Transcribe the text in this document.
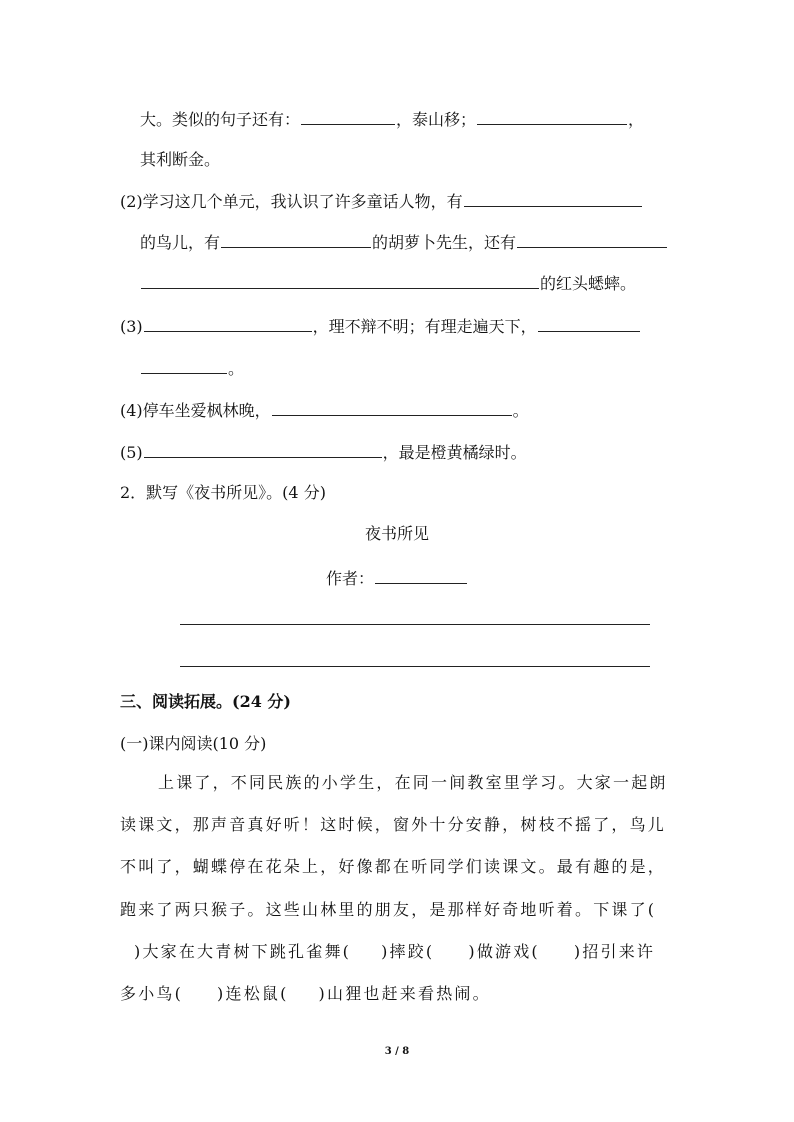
大。类似的句子还有：	，泰山移；	，
其利断金。
(2)学习这几个单元，我认识了许多童话人物，有
的鸟儿，有	的胡萝卜先生，还有
的红头蟋蟀。
(3)	，理不辩不明；有理走遍天下，
。
(4)停车坐爱枫林晚，	。
(5)	，最是橙黄橘绿时。
2．默写《夜书所见》。(4 分)
夜书所见
作者：
三、阅读拓展。(24 分)
(一)课内阅读(10 分)
上课了，不同民族的小学生，在同一间教室里学习。大家一起朗
读课文，那声音真好听！这时候，窗外十分安静，树枝不摇了，鸟儿
不叫了，蝴蝶停在花朵上，好像都在听同学们读课文。最有趣的是，
跑来了两只猴子。这些山林里的朋友，是那样好奇地听着。下课了(
)大家在大青树下跳孔雀舞( )摔跤( )做游戏( )招引来许
多小鸟( )连松鼠( )山狸也赶来看热闹。
3 / 8
